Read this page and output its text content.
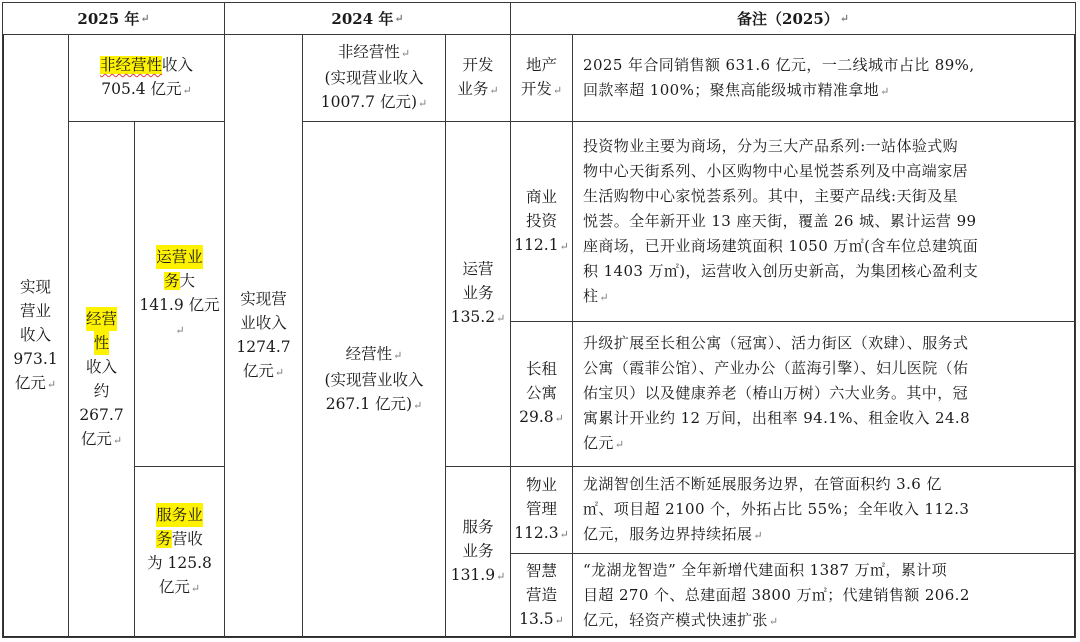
2025 年 ↵	2024 年 ↵	备注（2025） ↵
实现
营业
收入
973.1
亿元↵
非经营性收入
705.4 亿元↵
经营
性
收入
约
267.7
亿元↵
运营业
务大
141.9 亿元↵
服务业
务营收
为 125.8
亿元↵
实现营
业收入
1274.7
亿元↵
非经营性↵
(实现营业收入
1007.7 亿元)↵
经营性↵
(实现营业收入
267.1 亿元)↵
开发
业务↵
运营
业务
135.2↵
服务
业务
131.9↵
地产
开发↵
商业
投资
112.1↵
长租
公寓
29.8↵
物业
管理
112.3↵
智慧
营造
13.5↵
2025 年合同销售额 631.6 亿元，一二线城市占比 89%,
回款率超 100%；聚焦高能级城市精准拿地↵
投资物业主要为商场，分为三大产品系列:一站体验式购
物中心天街系列、小区购物中心星悦荟系列及中高端家居
生活购物中心家悦荟系列。其中，主要产品线:天街及星
悦荟。全年新开业 13 座天街，覆盖 26 城、累计运营 99
座商场，已开业商场建筑面积 1050 万㎡(含车位总建筑面
积 1403 万㎡)，运营收入创历史新高，为集团核心盈利支
柱↵
升级扩展至长租公寓（冠寓）、活力街区（欢肆）、服务式
公寓（霞菲公馆）、产业办公（蓝海引擎）、妇儿医院（佑
佑宝贝）以及健康养老（椿山万树）六大业务。其中，冠
寓累计开业约 12 万间，出租率 94.1%、租金收入 24.8
亿元↵
龙湖智创生活不断延展服务边界，在管面积约 3.6 亿
㎡、项目超 2100 个，外拓占比 55%；全年收入 112.3
亿元，服务边界持续拓展↵
“龙湖龙智造” 全年新增代建面积 1387 万㎡，累计项
目超 270 个、总建面超 3800 万㎡；代建销售额 206.2
亿元，轻资产模式快速扩张↵
